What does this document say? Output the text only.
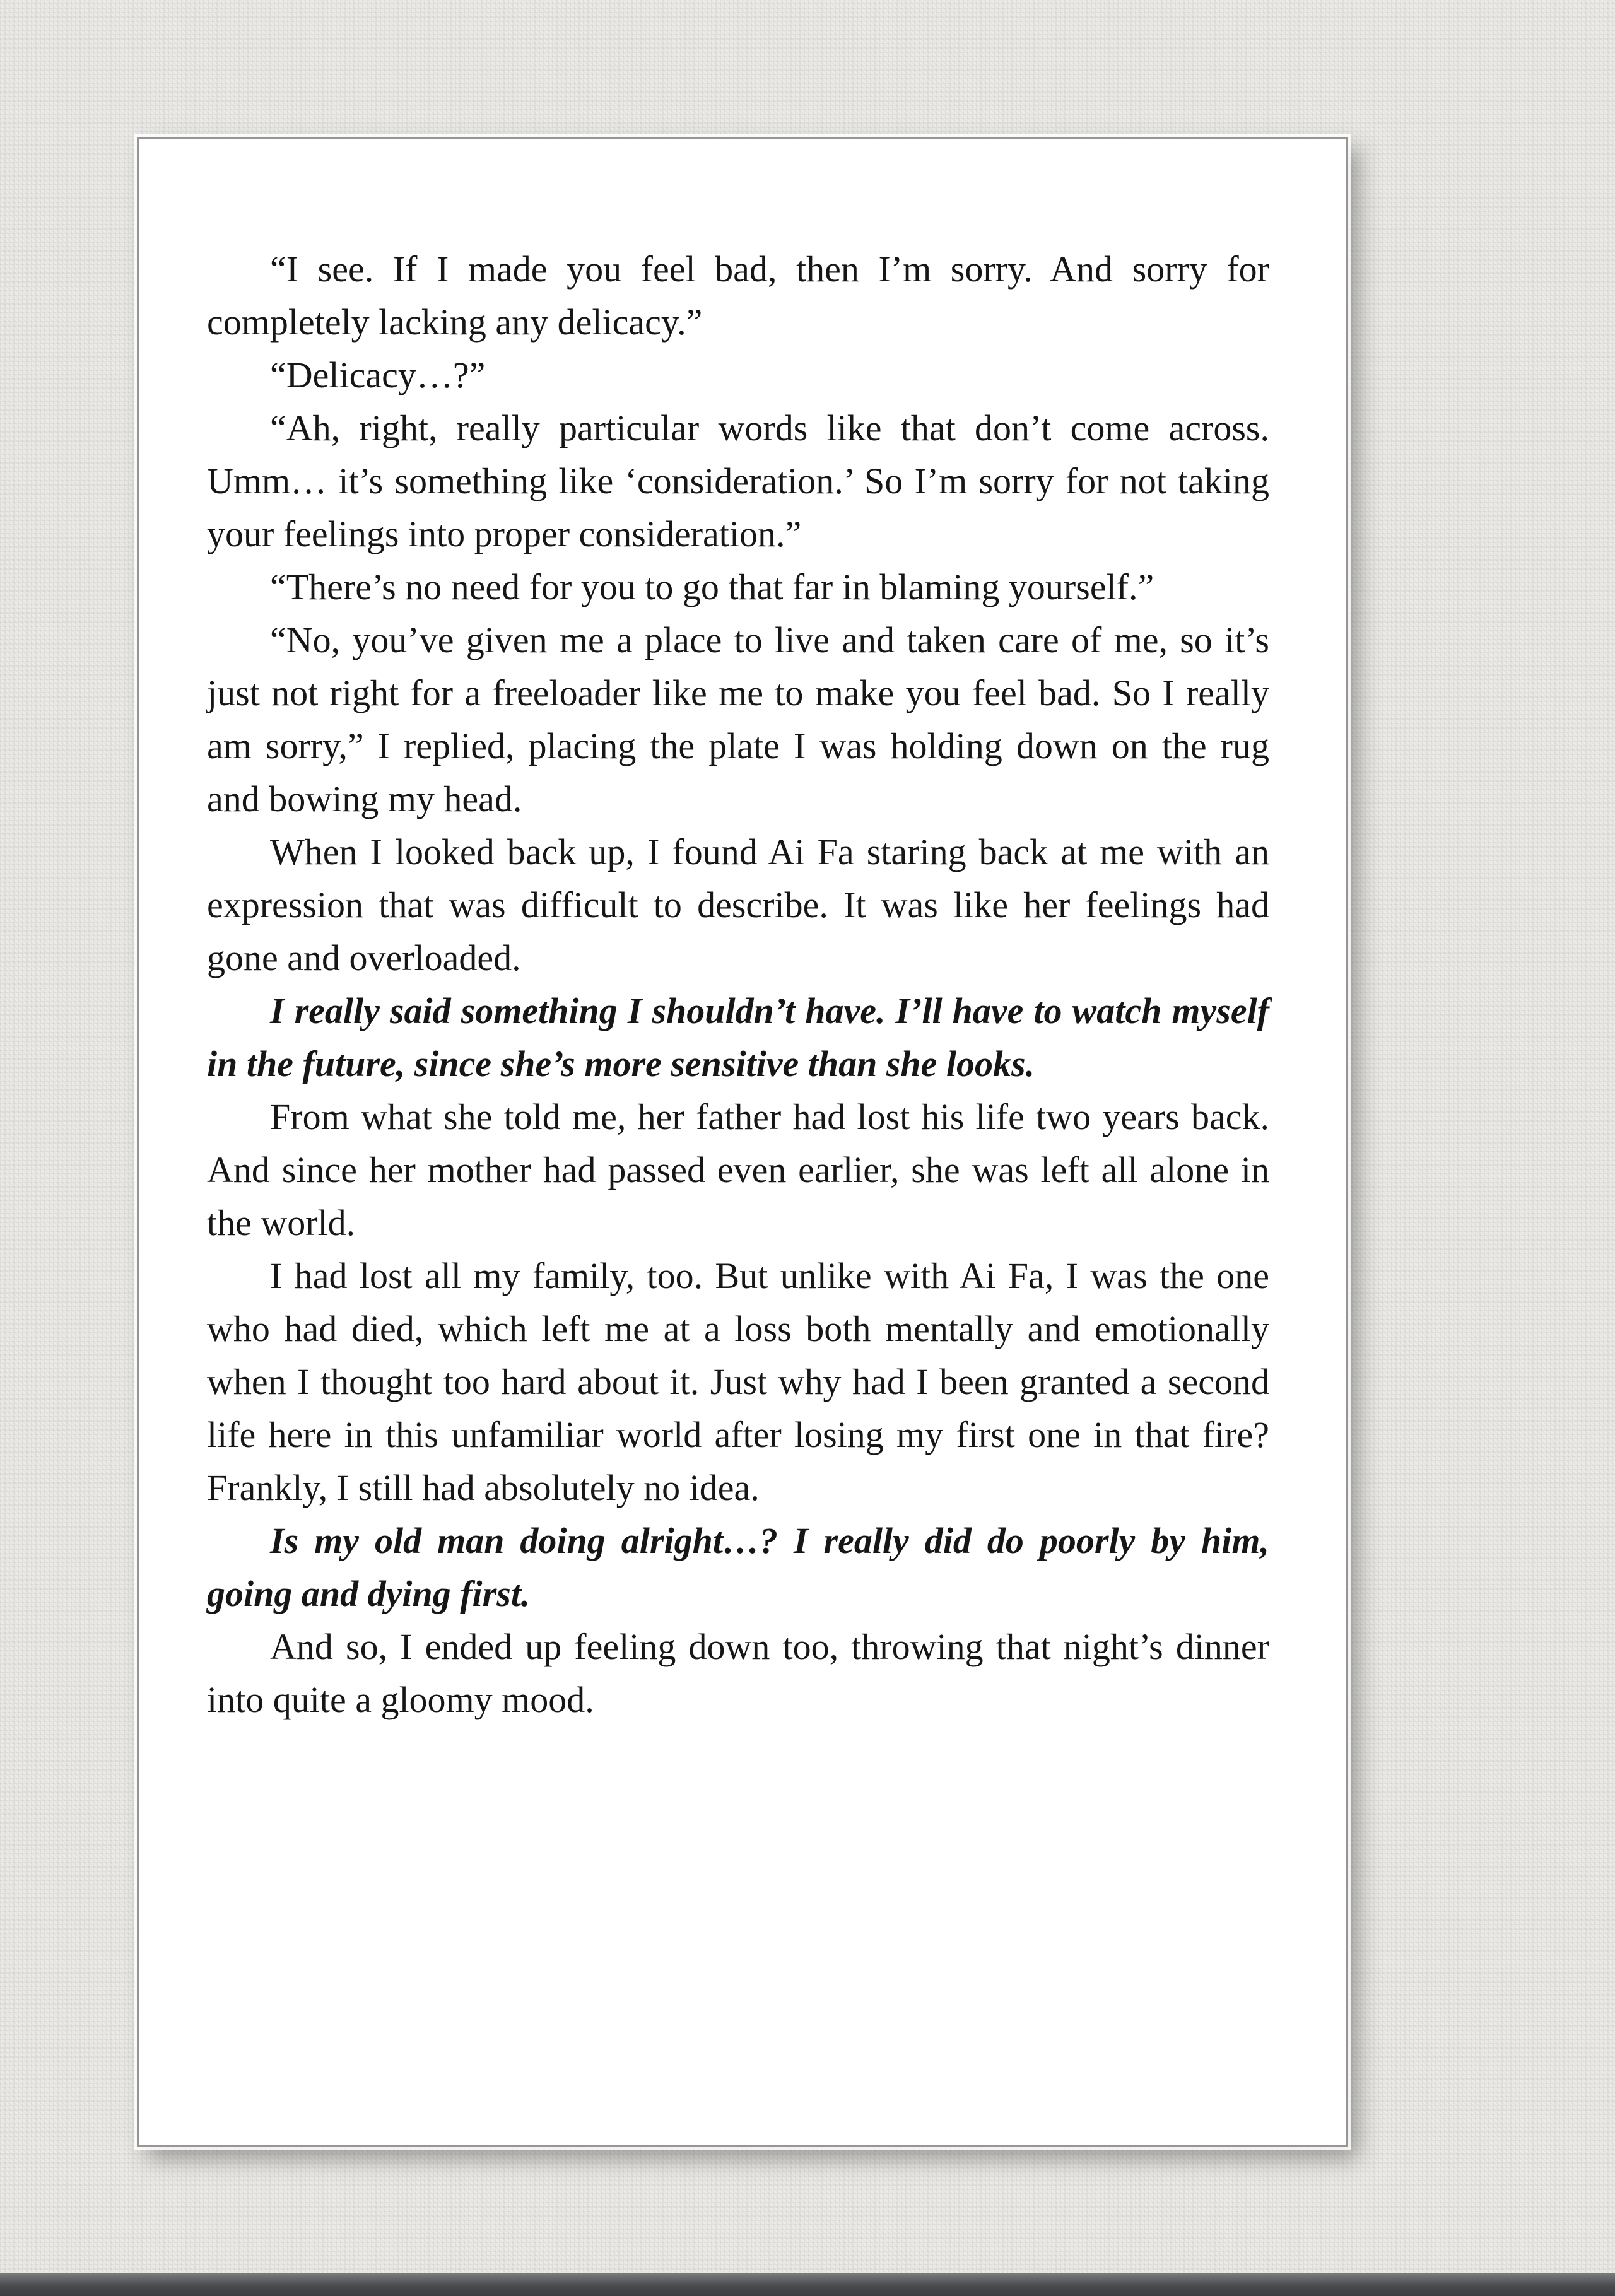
“I see. If I made you feel bad, then I’m sorry. And sorry for completely lacking any delicacy.”

“Delicacy…?”

“Ah, right, really particular words like that don’t come across. Umm… it’s something like ‘consideration.’ So I’m sorry for not taking your feelings into proper consideration.”

“There’s no need for you to go that far in blaming yourself.”

“No, you’ve given me a place to live and taken care of me, so it’s just not right for a freeloader like me to make you feel bad. So I really am sorry,” I replied, placing the plate I was holding down on the rug and bowing my head.

When I looked back up, I found Ai Fa staring back at me with an expression that was difficult to describe. It was like her feelings had gone and overloaded.

I really said something I shouldn’t have. I’ll have to watch myself in the future, since she’s more sensitive than she looks.

From what she told me, her father had lost his life two years back. And since her mother had passed even earlier, she was left all alone in the world.

I had lost all my family, too. But unlike with Ai Fa, I was the one who had died, which left me at a loss both mentally and emotionally when I thought too hard about it. Just why had I been granted a second life here in this unfamiliar world after losing my first one in that fire? Frankly, I still had absolutely no idea.

Is my old man doing alright…? I really did do poorly by him, going and dying first.

And so, I ended up feeling down too, throwing that night’s dinner into quite a gloomy mood.
